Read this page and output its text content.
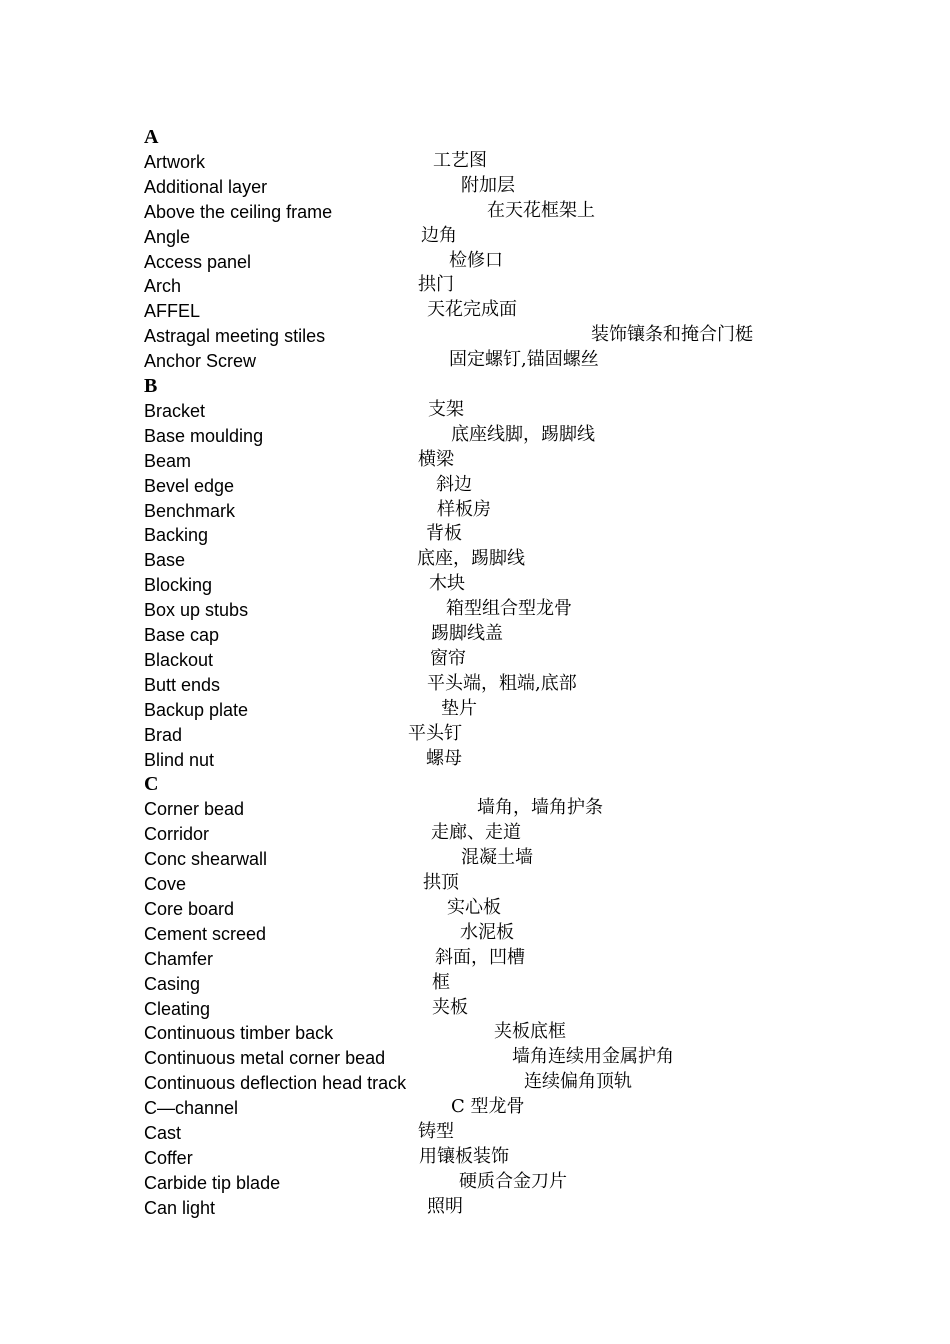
A
Artwork	工艺图
Additional layer	附加层
Above the ceiling frame	在天花框架上
Angle	边角
Access panel	检修口
Arch	拱门
AFFEL	天花完成面
Astragal meeting stiles	装饰镶条和掩合门梃
Anchor Screw	固定螺钉,锚固螺丝
B
Bracket	支架
Base moulding	底座线脚，踢脚线
Beam	横梁
Bevel edge	斜边
Benchmark	样板房
Backing	背板
Base	底座，踢脚线
Blocking	木块
Box up stubs	箱型组合型龙骨
Base cap	踢脚线盖
Blackout	窗帘
Butt ends	平头端，粗端,底部
Backup plate	垫片
Brad	平头钉
Blind nut	螺母
C
Corner bead	墙角，墙角护条
Corridor	走廊、走道
Conc shearwall	混凝土墙
Cove	拱顶
Core board	实心板
Cement screed	水泥板
Chamfer	斜面，凹槽
Casing	框
Cleating	夹板
Continuous timber back	夹板底框
Continuous metal corner bead	墙角连续用金属护角
Continuous deflection head track	连续偏角顶轨
C—channel	C 型龙骨
Cast	铸型
Coffer	用镶板装饰
Carbide tip blade	硬质合金刀片
Can light	照明
